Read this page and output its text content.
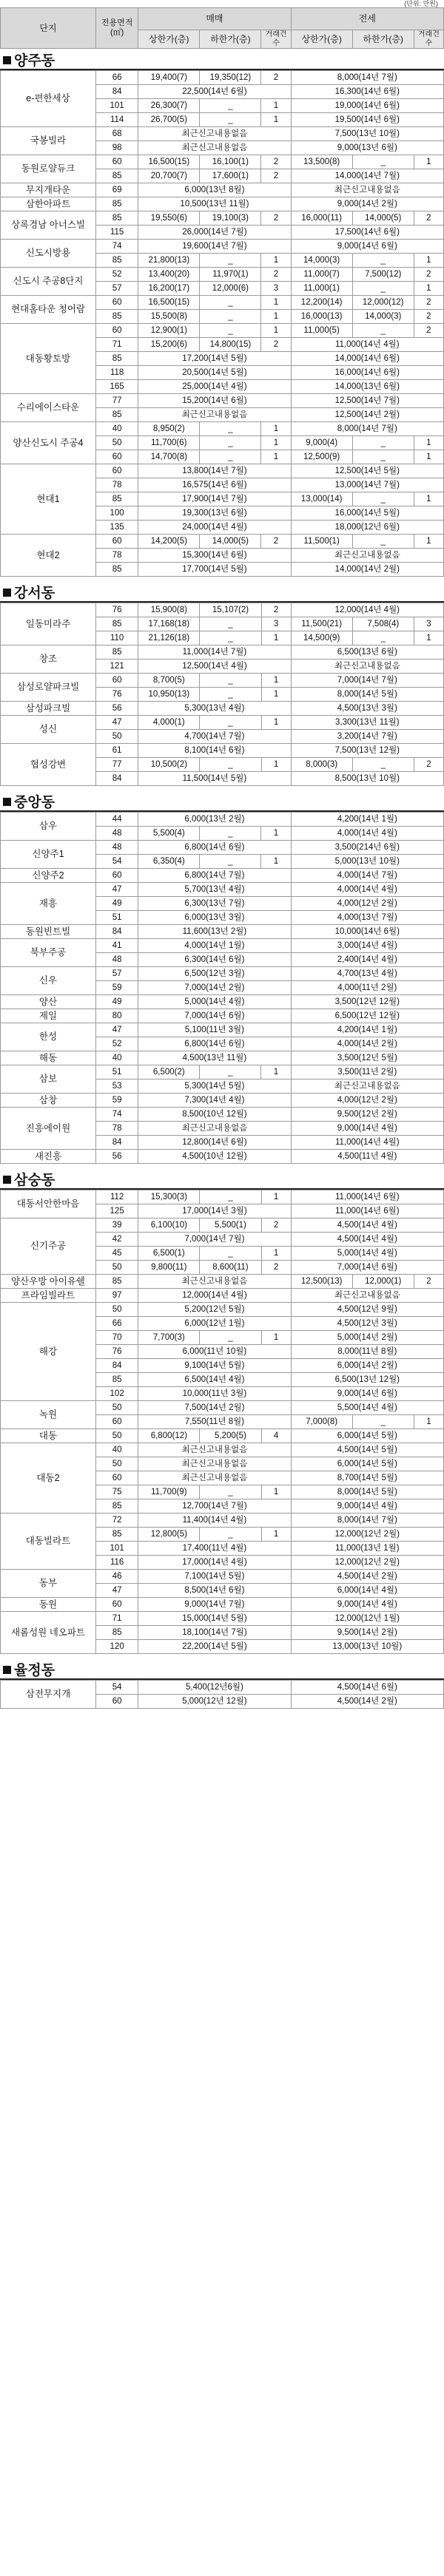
(단위: 만원)
단지	전용면적(㎡)	매매			전세		
		상한가(층)	하한가(층)	거래건수	상한가(층)	하한가(층)	거래건수
양주동
e-편한세상	66	19,400(7)	19,350(12)	2	8,000(14년 7월)		
	84	22,500(14년 6월)			16,300(14년 6월)		
	101	26,300(7)	_	1	19,000(14년 6월)		
	114	26,700(5)	_	1	19,500(14년 6월)		
국봉빌라	68	최근신고내용없음			7,500(13년 10월)		
	98	최근신고내용없음			9,000(13년 6월)		
동원로얄듀크	60	16,500(15)	16,100(1)	2	13,500(8)	_	1
	85	20,700(7)	17,600(1)	2	14,000(14년 7월)		
무지개타운	69	6,000(13년 8월)			최근신고내용없음		
삼한아파트	85	10,500(13년 11월)			9,000(14년 2월)		
상록경남 아너스빌	85	19,550(6)	19,100(3)	2	16,000(11)	14,000(5)	2
	115	26,000(14년 7월)			17,500(14년 6월)		
신도시방용	74	19,600(14년 7월)			9,000(14년 6월)		
	85	21,800(13)	_	1	14,000(3)	_	1
신도시 주공8단지	52	13,400(20)	11,970(1)	2	11,000(7)	7,500(12)	2
	57	16,200(17)	12,000(6)	3	11,000(1)	_	1
현대홈타운 청어람	60	16,500(15)	_	1	12,200(14)	12,000(12)	2
	85	15,500(8)	_	1	16,000(13)	14,000(3)	2
대동황토방	60	12,900(1)	_	1	11,000(5)	_	2
	71	15,200(6)	14,800(15)	2	11,000(14년 4월)		
	85	17,200(14년 5월)			14,000(14년 6월)		
	118	20,500(14년 5월)			16,000(14년 6월)		
	165	25,000(14년 4월)			14,000(13년 6월)		
수리에이스타운	77	15,200(14년 6월)			12,500(14년 7월)		
	85	최근신고내용없음			12,500(14년 2월)		
양산신도시 주공4	40	8,950(2)	_	1	8,000(14년 7월)		
	50	11,700(6)	_	1	9,000(4)	_	1
	60	14,700(8)	_	1	12,500(9)	_	1
현대1	60	13,800(14년 7월)			12,500(14년 5월)		
	78	16,575(14년 6월)			13,000(14년 7월)		
	85	17,900(14년 7월)			13,000(14)	_	1
	100	19,300(13년 6월)			16,000(14년 5월)		
	135	24,000(14년 4월)			18,000(12년 6월)		
현대2	60	14,200(5)	14,000(5)	2	11,500(1)	_	1
	78	15,300(14년 6월)			최근신고내용없음		
	85	17,700(14년 5월)			14,000(14년 2월)		
강서동
일동미라주	76	15,900(8)	15,107(2)	2	12,000(14년 4월)		
	85	17,168(18)	_	3	11,500(21)	7,508(4)	3
	110	21,126(18)	_	1	14,500(9)	_	1
창조	85	11,000(14년 7월)			6,500(13년 6월)		
	121	12,500(14년 4월)			최근신고내용없음		
삼성로얄파크빌	60	8,700(5)	_	1	7,000(14년 7월)		
	76	10,950(13)	_	1	8,000(14년 5월)		
삼성파크빌	56	5,300(13년 4월)			4,500(13년 3월)		
성신	47	4,000(1)	_	1	3,300(13년 11월)		
	50	4,700(14년 7월)			3,200(14년 7월)		
협성강변	61	8,100(14년 6월)			7,500(13년 12월)		
	77	10,500(2)	_	1	8,000(3)	_	2
	84	11,500(14년 5월)			8,500(13년 10월)		
중앙동
삼우	44	6,000(13년 2월)			4,200(14년 1월)
	48	5,500(4)	_	1	4,000(14년 4월)
신양주1	48	6,800(14년 6월)			3,500(214년 6월)
	54	6,350(4)	_	1	5,000(13년 10월)
신양주2	60	6,800(14년 7월)			4,000(14년 7월)
재흥	47	5,700(13년 4월)			4,000(14년 4월)
	49	6,300(13년 7월)			4,000(12년 2월)
	51	6,000(13년 3월)			4,000(13년 7월)
동원빈트빌	84	11,600(13년 2월)			10,000(14년 6월)
북부주공	41	4,000(14년 1월)			3,000(14년 4월)
	48	6,300(14년 6월)			2,400(14년 4월)
신우	57	6,500(12년 3월)			4,700(13년 4월)
	59	7,000(14년 2월)			4,000(11년 2월)
양산	49	5,000(14년 4월)			3,500(12년 12월)
제일	80	7,000(14년 6월)			6,500(12년 12월)
한성	47	5,100(11년 3월)			4,200(14년 1월)
	52	6,800(14년 6월)			4,000(14년 2월)
해동	40	4,500(13년 11월)			3,500(12년 5월)
삼보	51	6,500(2)	_	1	3,500(11년 2월)
	53	5,300(14년 5월)			최근신고내용없음
삼창	59	7,300(14년 4월)			4,000(12년 2월)
진흥에이원	74	8,500(10년 12월)			9,500(12년 2월)
	78	최근신고내용없음			9,000(14년 4월)
	84	12,800(14년 6월)			11,000(14년 4월)
새진흥	56	4,500(10년 12월)			4,500(11년 4월)
삼숭동
대동서안한마음	112	15,300(3)	_	1	11,000(14년 6월)		
	125	17,000(14년 3월)			11,000(14년 6월)		
신기주공	39	6,100(10)	5,500(1)	2	4,500(14년 4월)		
	42	7,000(14년 7월)			4,500(14년 4월)		
	45	6,500(1)	_	1	5,000(14년 4월)		
	50	9,800(11)	8,600(11)	2	7,000(14년 6월)		
양산우방 아이유쉘	85	최근신고내용없음			12,500(13)	12,000(1)	2
프라임빌라트	97	12,000(14년 4월)			최근신고내용없음		
해강	50	5,200(12년 5월)			4,500(12년 9월)		
	66	6,000(12년 1월)			4,500(12년 3월)		
	70	7,700(3)	_	1	5,000(14년 2월)		
	76	6,000(11년 10월)			8,000(11년 8월)		
	84	9,100(14년 5월)			6,000(14년 2월)		
	85	6,500(14년 4월)			6,500(13년 12월)		
	102	10,000(11년 3월)			9,000(14년 6월)		
녹원	50	7,500(14년 2월)			5,500(14년 4월)		
	60	7,550(11년 8월)			7,000(8)	_	1
대동	50	6,800(12)	5,200(5)	4	6,000(14년 5월)		
대동2	40	최근신고내용없음			4,500(14년 5월)		
	50	최근신고내용없음			6,000(14년 5월)		
	60	최근신고내용없음			8,700(14년 5월)		
	75	11,700(9)	_	1	8,000(14년 5월)		
	85	12,700(14년 7월)			9,000(14년 4월)		
대동빌라트	72	11,400(14년 4월)			8,000(14년 7월)		
	85	12,800(5)	_	1	12,000(12년 2월)		
	101	17,400(11년 4월)			11,000(13년 1월)		
	116	17,000(14년 4월)			12,000(12년 2월)		
동부	46	7,100(14년 5월)			4,500(14년 2월)		
	47	8,500(14년 6월)			6,000(14년 4월)		
동원	60	9,000(14년 7월)			9,000(14년 4월)		
새롬성원 네오파트	71	15,000(14년 5월)			12,000(12년 1월)		
	85	18,100(14년 7월)			9,500(14년 2월)		
	120	22,200(14년 5월)			13,000(13년 10월)		
율정동
삼전무지개	54	5,400(12년6월)	4,500(14년 6월)
	60	5,000(12년 12월)	4,500(14년 2월)
